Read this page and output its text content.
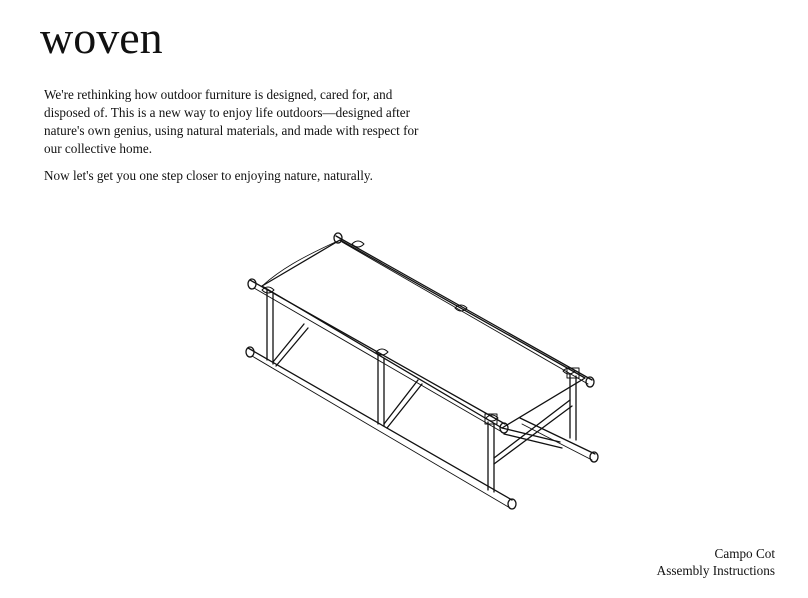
woven

We're rethinking how outdoor furniture is designed, cared for, and disposed of. This is a new way to enjoy life outdoors—designed after nature's own genius, using natural materials, and made with respect for our collective home.

Now let's get you one step closer to enjoying nature, naturally.

Campo Cot
Assembly Instructions
